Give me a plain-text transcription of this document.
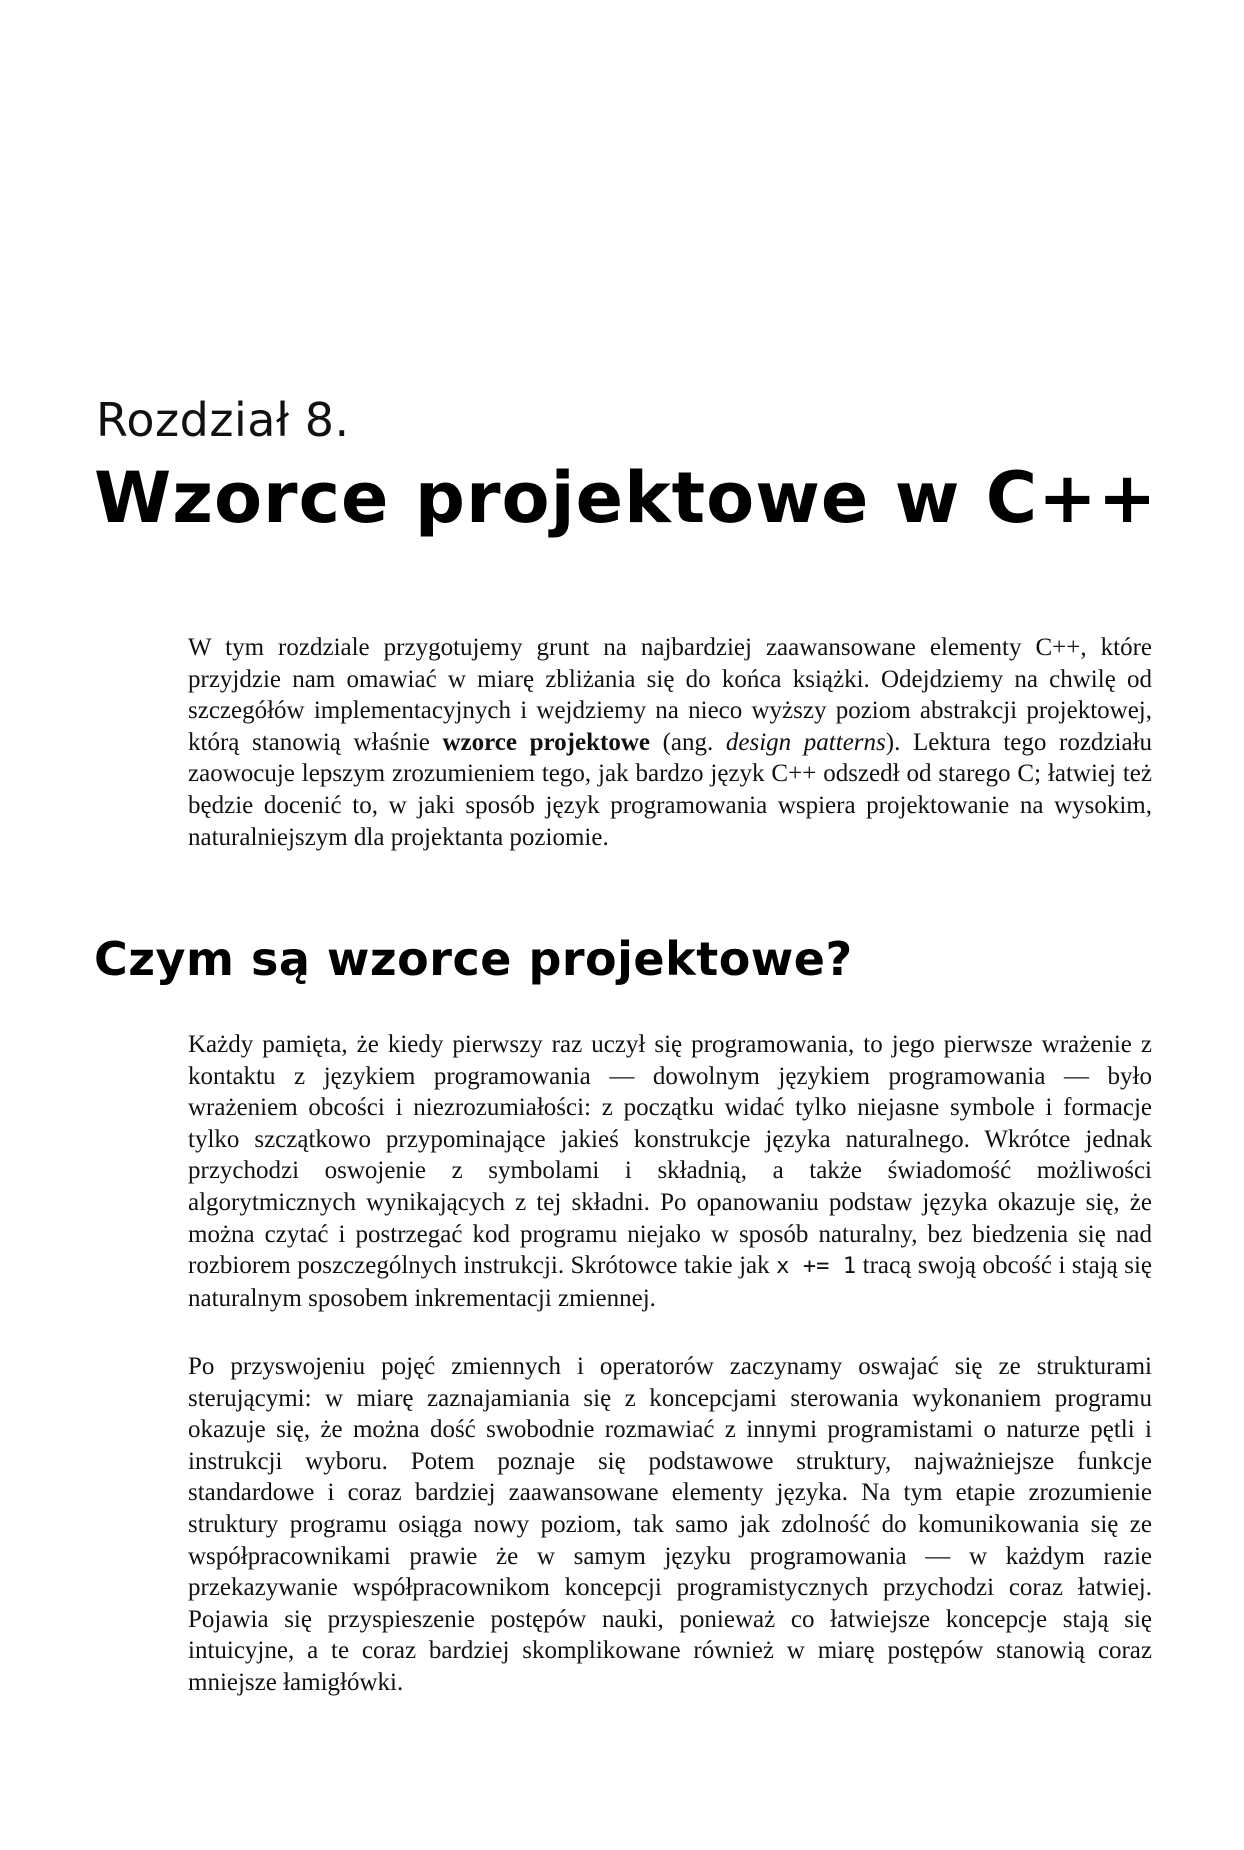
Rozdział 8.
Wzorce projektowe w C++

W tym rozdziale przygotujemy grunt na najbardziej zaawansowane elementy C++, które przyjdzie nam omawiać w miarę zbliżania się do końca książki. Odejdziemy na chwilę od szczegółów implementacyjnych i wejdziemy na nieco wyższy poziom abstrakcji projektowej, którą stanowią właśnie wzorce projektowe (ang. design patterns). Lektura tego rozdziału zaowocuje lepszym zrozumieniem tego, jak bardzo język C++ odszedł od starego C; łatwiej też będzie docenić to, w jaki sposób język programowania wspiera projektowanie na wysokim, naturalniejszym dla projektanta poziomie.

Czym są wzorce projektowe?

Każdy pamięta, że kiedy pierwszy raz uczył się programowania, to jego pierwsze wrażenie z kontaktu z językiem programowania — dowolnym językiem programowania — było wrażeniem obcości i niezrozumiałości: z początku widać tylko niejasne symbole i formacje tylko szczątkowo przypominające jakieś konstrukcje języka naturalnego. Wkrótce jednak przychodzi oswojenie z symbolami i składnią, a także świadomość możliwości algorytmicznych wynikających z tej składni. Po opanowaniu podstaw języka okazuje się, że można czytać i postrzegać kod programu niejako w sposób naturalny, bez biedzenia się nad rozbiorem poszczególnych instrukcji. Skrótowce takie jak x += 1 tracą swoją obcość i stają się naturalnym sposobem inkrementacji zmiennej.

Po przyswojeniu pojęć zmiennych i operatorów zaczynamy oswajać się ze strukturami sterującymi: w miarę zaznajamiania się z koncepcjami sterowania wykonaniem programu okazuje się, że można dość swobodnie rozmawiać z innymi programistami o naturze pętli i instrukcji wyboru. Potem poznaje się podstawowe struktury, najważniejsze funkcje standardowe i coraz bardziej zaawansowane elementy języka. Na tym etapie zrozumienie struktury programu osiąga nowy poziom, tak samo jak zdolność do komunikowania się ze współpracownikami prawie że w samym języku programowania — w każdym razie przekazywanie współpracownikom koncepcji programistycznych przychodzi coraz łatwiej. Pojawia się przyspieszenie postępów nauki, ponieważ co łatwiejsze koncepcje stają się intuicyjne, a te coraz bardziej skomplikowane również w miarę postępów stanowią coraz mniejsze łamigłówki.
